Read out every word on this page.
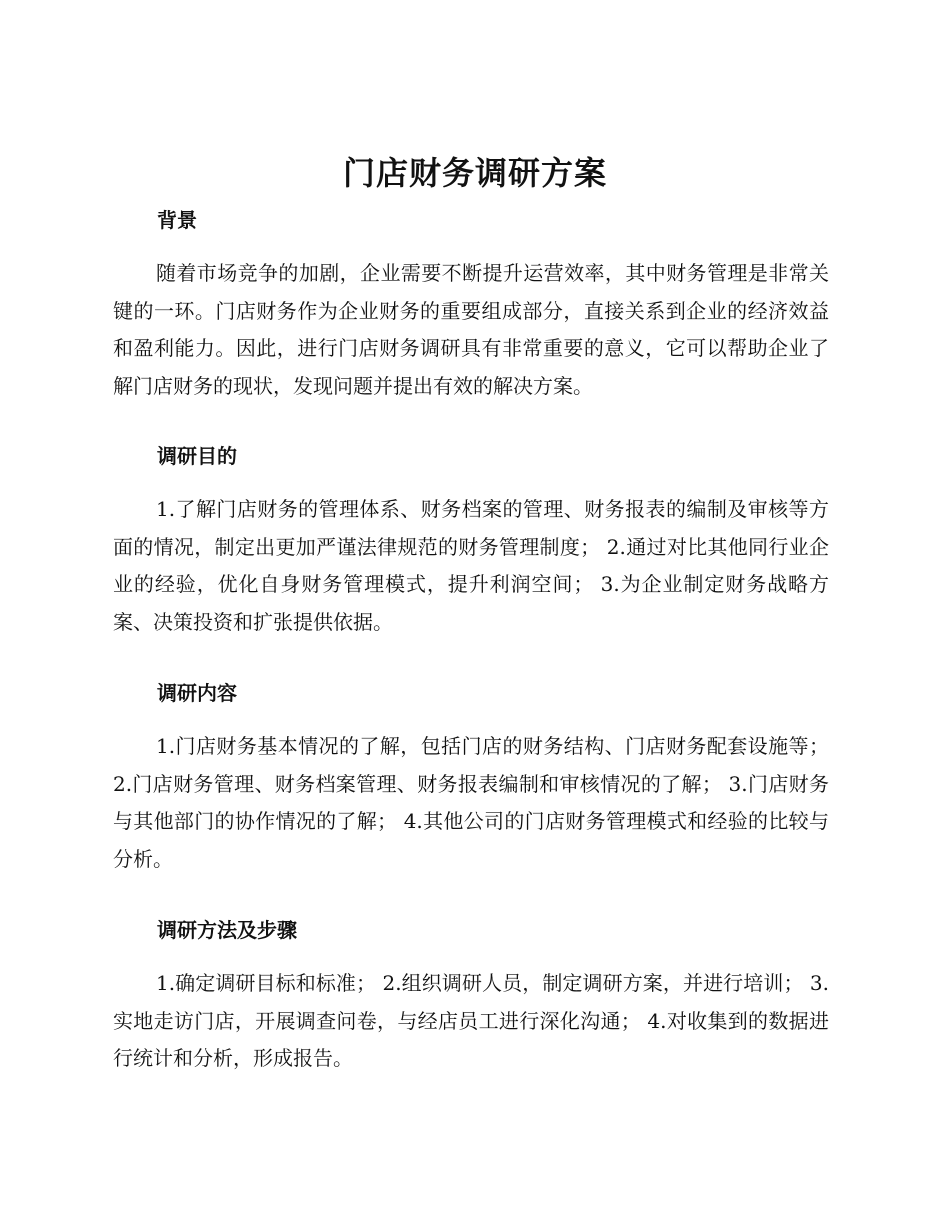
门店财务调研方案
背景

随着市场竞争的加剧，企业需要不断提升运营效率，其中财务管理是非常关键的一环。门店财务作为企业财务的重要组成部分，直接关系到企业的经济效益和盈利能力。因此，进行门店财务调研具有非常重要的意义，它可以帮助企业了解门店财务的现状，发现问题并提出有效的解决方案。

调研目的

1.了解门店财务的管理体系、财务档案的管理、财务报表的编制及审核等方面的情况，制定出更加严谨法律规范的财务管理制度； 2.通过对比其他同行业企业的经验，优化自身财务管理模式，提升利润空间； 3.为企业制定财务战略方案、决策投资和扩张提供依据。

调研内容

1.门店财务基本情况的了解，包括门店的财务结构、门店财务配套设施等； 2.门店财务管理、财务档案管理、财务报表编制和审核情况的了解； 3.门店财务与其他部门的协作情况的了解； 4.其他公司的门店财务管理模式和经验的比较与分析。

调研方法及步骤

1.确定调研目标和标准； 2.组织调研人员，制定调研方案，并进行培训； 3.实地走访门店，开展调查问卷，与经店员工进行深化沟通； 4.对收集到的数据进行统计和分析，形成报告。
